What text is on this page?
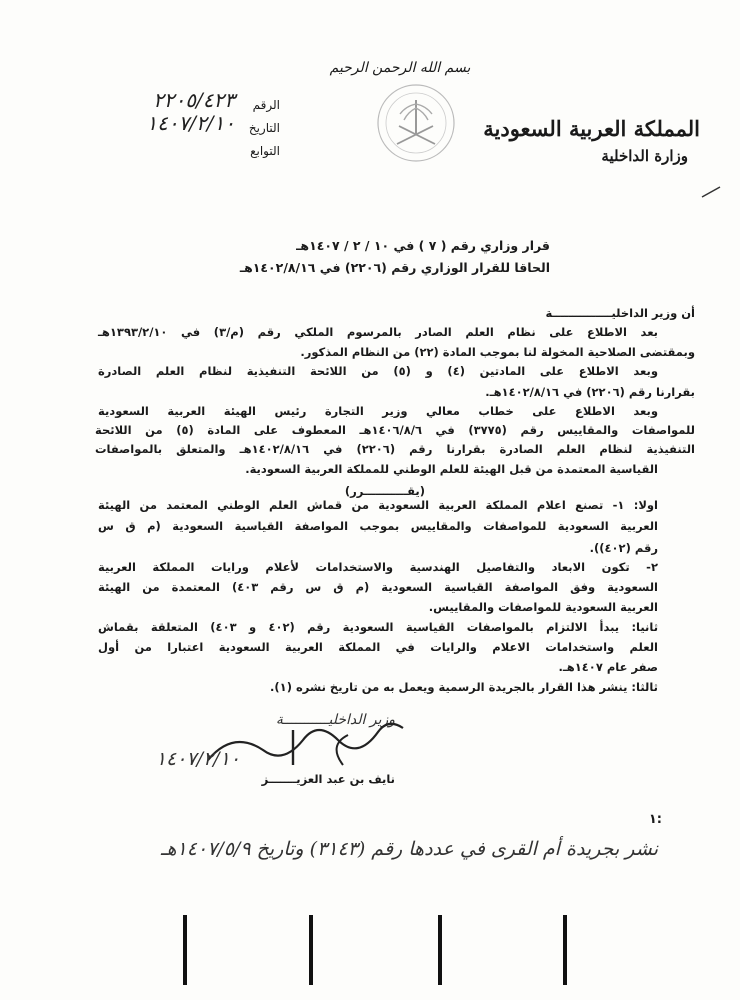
بسم الله الرحمن الرحيم
المملكة العربية السعودية
وزارة الداخلية
الرقم
٢٢٠٥/٤٢٣
التاريخ
١٤٠٧/٢/١٠
التوابع
قرار وزاري رقم ( ٧ ) في ١٠ / ٢ / ١٤٠٧هـ
الحاقا للقرار الوزاري رقم (٢٢٠٦) في ١٤٠٢/٨/١٦هـ
أن وزير الداخليـــــــــــــــة
بعد الاطلاع على نظام العلم الصادر بالمرسوم الملكي رقم (م/٣) في ١٣٩٣/٢/١٠هـ
وبمقتضى الصلاحية المخولة لنا بموجب المادة (٢٢) من النظام المذكور.
وبعد الاطلاع على المادتين (٤) و (٥) من اللائحة التنفيذية لنظام العلم الصادرة
بقرارنا رقم (٢٢٠٦) في ١٤٠٢/٨/١٦هـ.
وبعد الاطلاع على خطاب معالي وزير التجارة رئيس الهيئة العربية السعودية
للمواصفات والمقاييس رقم (٣٧٧٥) في ١٤٠٦/٨/٦هـ المعطوف على المادة (٥) من اللائحة
التنفيذية لنظام العلم الصادرة بقرارنا رقم (٢٢٠٦) في ١٤٠٢/٨/١٦هـ والمتعلق بالمواصفات
القياسية المعتمدة من قبل الهيئة للعلم الوطني للمملكة العربية السعودية.
(يقـــــــــــرر)
اولا: ١- تصنع اعلام المملكة العربية السعودية من قماش العلم الوطني المعتمد من الهيئة
العربية السعودية للمواصفات والمقاييس بموجب المواصفة القياسية السعودية (م ق س
رقم (٤٠٢)).
٢- تكون الابعاد والتفاصيل الهندسية والاستخدامات لأعلام ورايات المملكة العربية
السعودية وفق المواصفة القياسية السعودية (م ق س رقم ٤٠٣) المعتمدة من الهيئة
العربية السعودية للمواصفات والمقاييس.
ثانيا: يبدأ الالتزام بالمواصفات القياسية السعودية رقم (٤٠٢ و ٤٠٣) المتعلقة بقماش
العلم واستخدامات الاعلام والرايات في المملكة العربية السعودية اعتبارا من أول
صفر عام ١٤٠٧هـ.
ثالثا: ينشر هذا القرار بالجريدة الرسمية ويعمل به من تاريخ نشره (١).
وزير الداخليـــــــــــة
١٤٠٧/٢/١٠
نايف بن عبد العزيـــــــز
١:
نشر بجريدة أم القرى في عددها رقم (٣١٤٣) وتاريخ ١٤٠٧/٥/٩هـ
